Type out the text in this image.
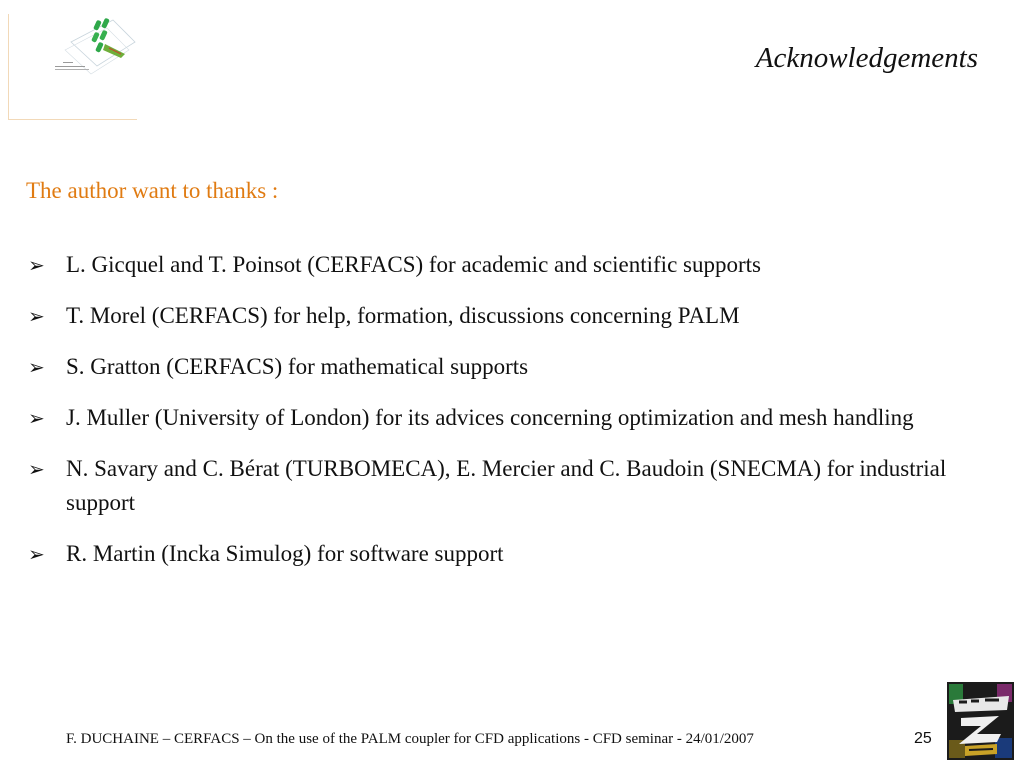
Acknowledgements
The author want to thanks :
➢ L. Gicquel and T. Poinsot (CERFACS) for academic and scientific supports
➢ T. Morel (CERFACS) for help, formation, discussions concerning PALM
➢ S. Gratton (CERFACS) for mathematical supports
➢ J. Muller (University of London) for its advices concerning optimization and mesh handling
➢ N. Savary and C. Bérat (TURBOMECA), E. Mercier and C. Baudoin (SNECMA) for industrial support
➢ R. Martin (Incka Simulog) for software support
F. DUCHAINE – CERFACS – On the use of the PALM coupler for CFD applications - CFD seminar - 24/01/2007	25
